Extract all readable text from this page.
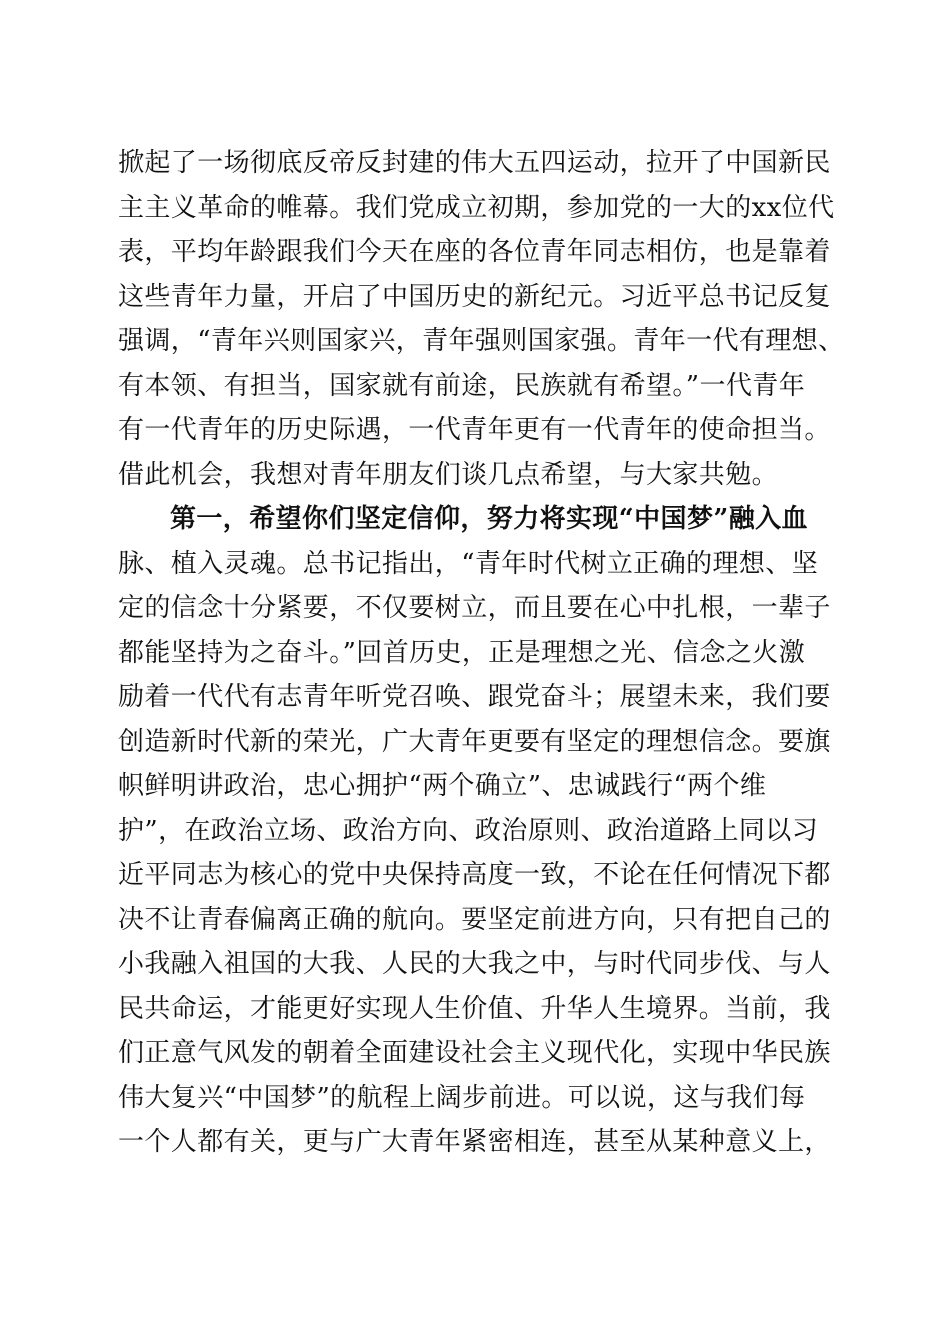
掀起了一场彻底反帝反封建的伟大五四运动，拉开了中国新民
主主义革命的帷幕。我们党成立初期，参加党的一大的xx位代
表，平均年龄跟我们今天在座的各位青年同志相仿，也是靠着
这些青年力量，开启了中国历史的新纪元。习近平总书记反复
强调，“青年兴则国家兴，青年强则国家强。青年一代有理想、
有本领、有担当，国家就有前途，民族就有希望。”一代青年
有一代青年的历史际遇，一代青年更有一代青年的使命担当。
借此机会，我想对青年朋友们谈几点希望，与大家共勉。
第一，希望你们坚定信仰，努力将实现“中国梦”融入血
脉、植入灵魂。总书记指出，“青年时代树立正确的理想、坚
定的信念十分紧要，不仅要树立，而且要在心中扎根，一辈子
都能坚持为之奋斗。”回首历史，正是理想之光、信念之火激
励着一代代有志青年听党召唤、跟党奋斗；展望未来，我们要
创造新时代新的荣光，广大青年更要有坚定的理想信念。要旗
帜鲜明讲政治，忠心拥护“两个确立”、忠诚践行“两个维
护”，在政治立场、政治方向、政治原则、政治道路上同以习
近平同志为核心的党中央保持高度一致，不论在任何情况下都
决不让青春偏离正确的航向。要坚定前进方向，只有把自己的
小我融入祖国的大我、人民的大我之中，与时代同步伐、与人
民共命运，才能更好实现人生价值、升华人生境界。当前，我
们正意气风发的朝着全面建设社会主义现代化，实现中华民族
伟大复兴“中国梦”的航程上阔步前进。可以说，这与我们每
一个人都有关，更与广大青年紧密相连，甚至从某种意义上，
